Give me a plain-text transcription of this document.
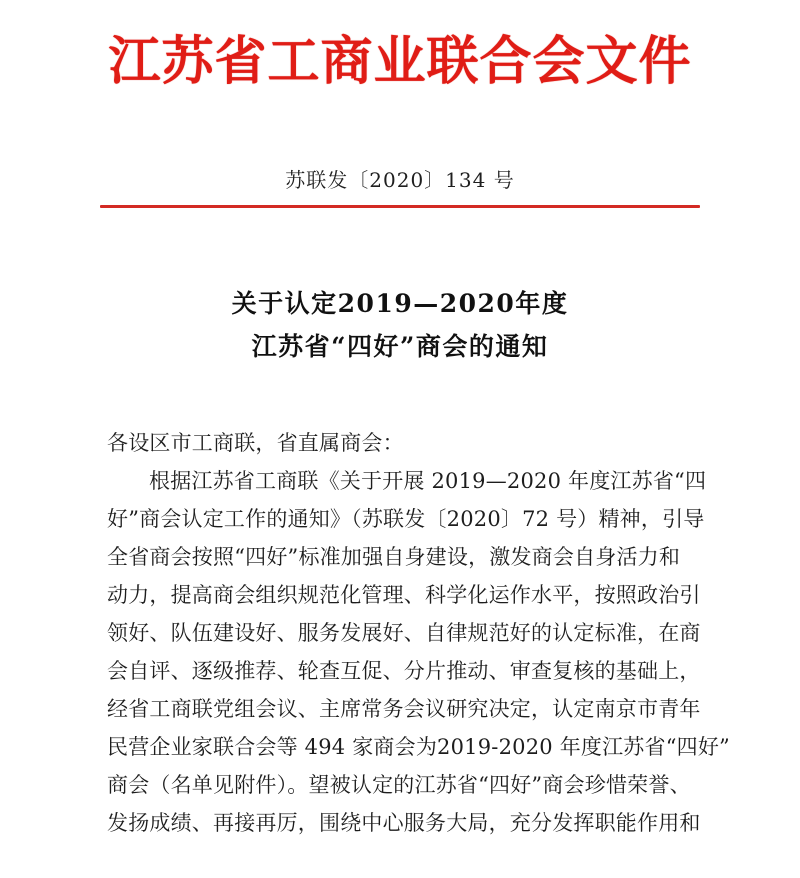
江苏省工商业联合会文件
苏联发〔2020〕134 号
关于认定2019—2020年度
江苏省“四好”商会的通知
各设区市工商联，省直属商会：
根据江苏省工商联《关于开展 2019—2020 年度江苏省“四
好”商会认定工作的通知》（苏联发〔2020〕72 号）精神，引导
全省商会按照“四好”标准加强自身建设，激发商会自身活力和
动力，提高商会组织规范化管理、科学化运作水平，按照政治引
领好、队伍建设好、服务发展好、自律规范好的认定标准，在商
会自评、逐级推荐、轮查互促、分片推动、审查复核的基础上，
经省工商联党组会议、主席常务会议研究决定，认定南京市青年
民营企业家联合会等 494 家商会为2019-2020 年度江苏省“四好”
商会（名单见附件）。望被认定的江苏省“四好”商会珍惜荣誉、
发扬成绩、再接再厉，围绕中心服务大局，充分发挥职能作用和
